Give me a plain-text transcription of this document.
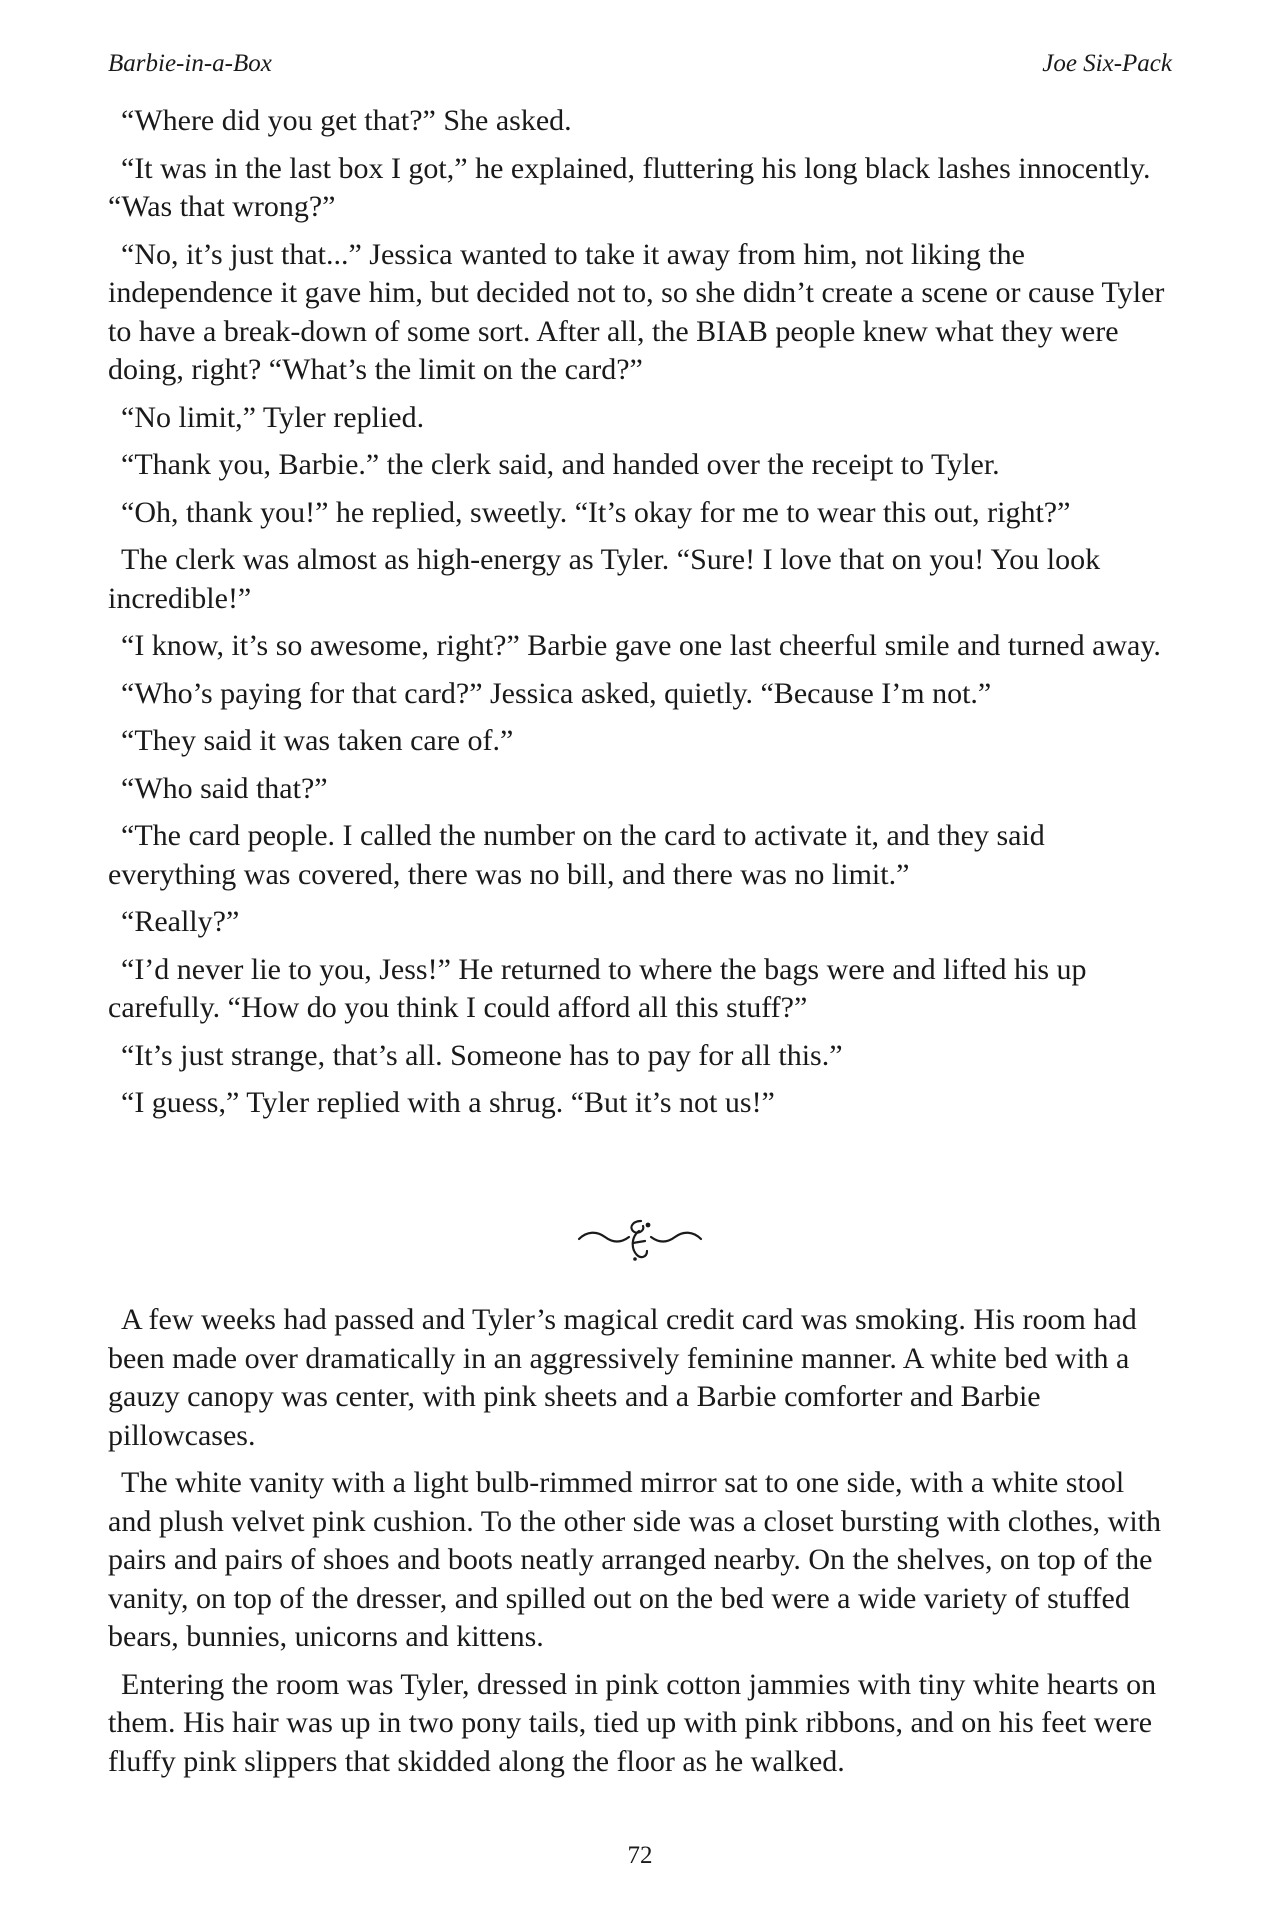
Barbie-in-a-Box	Joe Six-Pack

“Where did you get that?” She asked.

“It was in the last box I got,” he explained, fluttering his long black lashes innocently. “Was that wrong?”

“No, it’s just that...” Jessica wanted to take it away from him, not liking the independence it gave him, but decided not to, so she didn’t create a scene or cause Tyler to have a break-down of some sort. After all, the BIAB people knew what they were doing, right? “What’s the limit on the card?”

“No limit,” Tyler replied.

“Thank you, Barbie.” the clerk said, and handed over the receipt to Tyler.

“Oh, thank you!” he replied, sweetly. “It’s okay for me to wear this out, right?”

The clerk was almost as high-energy as Tyler. “Sure! I love that on you! You look incredible!”

“I know, it’s so awesome, right?” Barbie gave one last cheerful smile and turned away.

“Who’s paying for that card?” Jessica asked, quietly. “Because I’m not.”

“They said it was taken care of.”

“Who said that?”

“The card people. I called the number on the card to activate it, and they said everything was covered, there was no bill, and there was no limit.”

“Really?”

“I’d never lie to you, Jess!” He returned to where the bags were and lifted his up carefully. “How do you think I could afford all this stuff?”

“It’s just strange, that’s all. Someone has to pay for all this.”

“I guess,” Tyler replied with a shrug. “But it’s not us!”

A few weeks had passed and Tyler’s magical credit card was smoking. His room had been made over dramatically in an aggressively feminine manner. A white bed with a gauzy canopy was center, with pink sheets and a Barbie comforter and Barbie pillowcases.

The white vanity with a light bulb-rimmed mirror sat to one side, with a white stool and plush velvet pink cushion. To the other side was a closet bursting with clothes, with pairs and pairs of shoes and boots neatly arranged nearby. On the shelves, on top of the vanity, on top of the dresser, and spilled out on the bed were a wide variety of stuffed bears, bunnies, unicorns and kittens.

Entering the room was Tyler, dressed in pink cotton jammies with tiny white hearts on them. His hair was up in two pony tails, tied up with pink ribbons, and on his feet were fluffy pink slippers that skidded along the floor as he walked.

72
